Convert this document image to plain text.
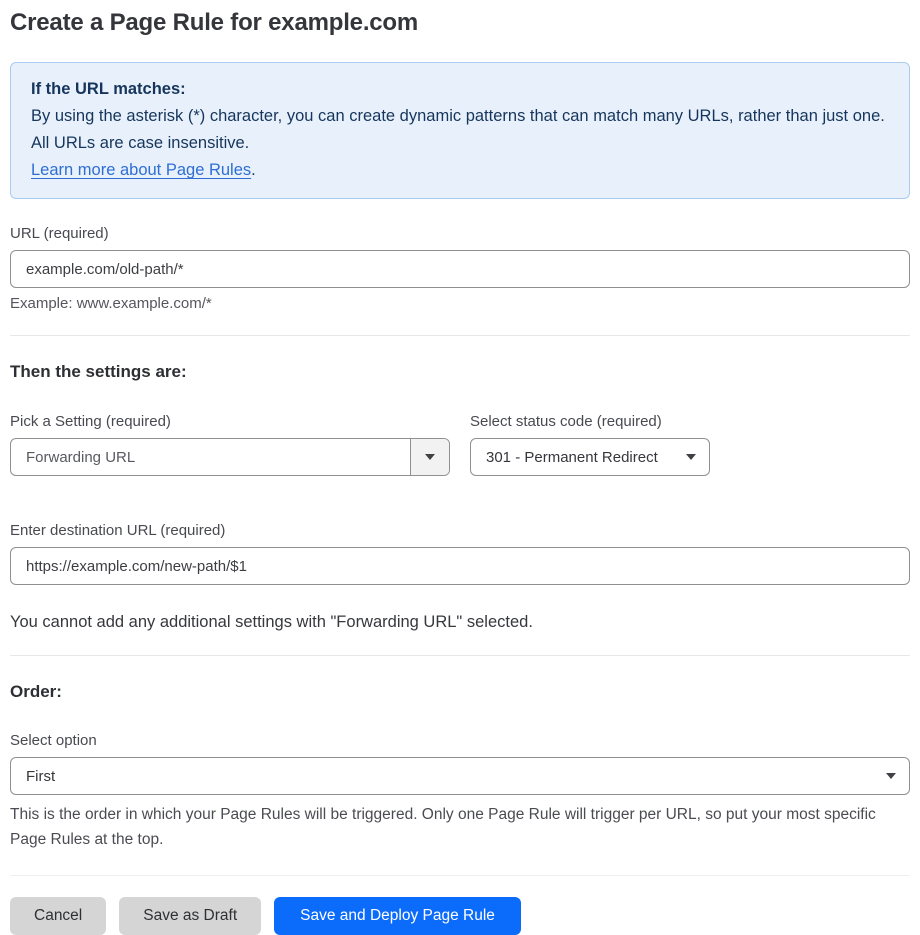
Create a Page Rule for example.com
If the URL matches:
By using the asterisk (*) character, you can create dynamic patterns that can match many URLs, rather than just one. All URLs are case insensitive.
Learn more about Page Rules.
URL (required)
example.com/old-path/*
Example: www.example.com/*
Then the settings are:
Pick a Setting (required)
Forwarding URL
Select status code (required)
301 - Permanent Redirect
Enter destination URL (required)
https://example.com/new-path/$1

You cannot add any additional settings with "Forwarding URL" selected.

Order:
Select option
First
This is the order in which your Page Rules will be triggered. Only one Page Rule will trigger per URL, so put your most specific Page Rules at the top.
Cancel	Save as Draft	Save and Deploy Page Rule
